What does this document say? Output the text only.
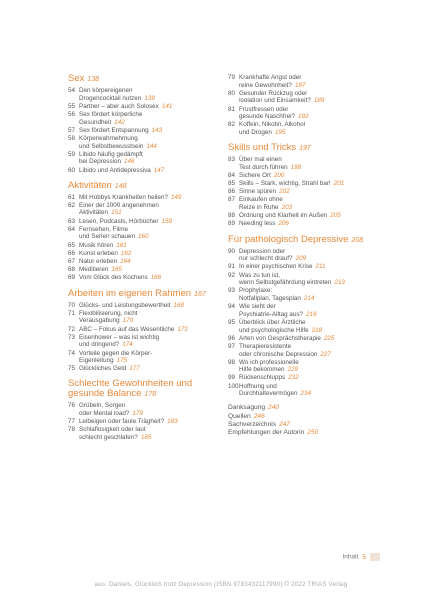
Sex 138
54 Den körpereigenen
Drogencocktail nutzen 139
55 Partner – aber auch Solosex 141
56 Sex fördert körperliche
Gesundheit 142
57 Sex fördert Entspannung 143
58 Körperwahrnehmung
und Selbstbewusstsein 144
59 Libido häufig gedämpft
bei Depression 146
60 Libido und Antidepressiva 147
Aktivitäten 148
61 Mit Hobbys Krankheiten heilen? 149
62 Einer der 1000 angenehmen
Aktivitäten 151
63 Lesen, Podcasts, Hörbücher 158
64 Fernsehen, Filme
und Serien schauen 160
65 Musik hören 161
66 Kunst erleben 162
67 Natur erleben 164
68 Meditieren 165
69 Vom Glück des Kochens 166
Arbeiten im eigenen Rahmen 167
70 Glücks- und Leistungsbewertheit 168
71 Flexibilisierung, nicht
Verausgabung 170
72 ABC – Fokus auf das Wesentliche 172
73 Eisenhower – was ist wichtig
und dringend? 174
74 Vorteile gegen die Körper-
Eigenleitung 175
75 Glückliches Geld 177
Schlechte Gewohnheiten und gesunde Balance 178
76 Grübeln, Sorgen
oder Mental load? 179
77 Leibeigen oder faule Trägheit? 183
78 Schlaflosigkeit oder laut
schlecht geschlafen? 185
79 Krankhafte Angst oder
reine Gewohnheit? 187
80 Gesunder Rückzug oder
Isolation und Einsamkeit? 189
81 Frustfressen oder
gesunde Naschfrei? 192
82 Koffein, Nikotin, Alkohol
und Drogen 195
Skills und Tricks 197
83 Über mal einen
Test durch führen 198
84 Sichere Ort 200
85 Skills – Stark, wichtig, Strahl bar! 201
86 Sinne spüren 202
87 Einkaufen ohne
Reize in Ruhe 203
88 Ordnung und Klarheit im Außen 205
89 Needing less 206
Für pathologisch Depressive 208
90 Depression oder
nur schlecht drauf? 209
91 In einer psychischen Krise 211
92 Was zu tun ist,
wenn Selbstgefährdung eintreten 213
93 Prophylaxe:
Notfallplan, Tagesplan 214
94 Wie sieht der
Psychiatrie-Alltag aus? 216
95 Überblick über Ärztliche
und psychologische Hilfe 218
96 Arten von Gesprächstherapie 225
97 Therapieresistente
oder chronische Depression 227
98 Wo ich professionelle
Hilfe bekommen 229
99 Rückenschlupps 232
100Hoffnung und
Durchhaltevermögen 234
Danksagung 240
Quellen 246
Sachverzeichnis 247
Empfehlungen der Autorin 250
Inhalt 5
aus: Daniels, Glücklich trotz Depression (ISBN 9783432117990) © 2022 TRIAS Verlag
